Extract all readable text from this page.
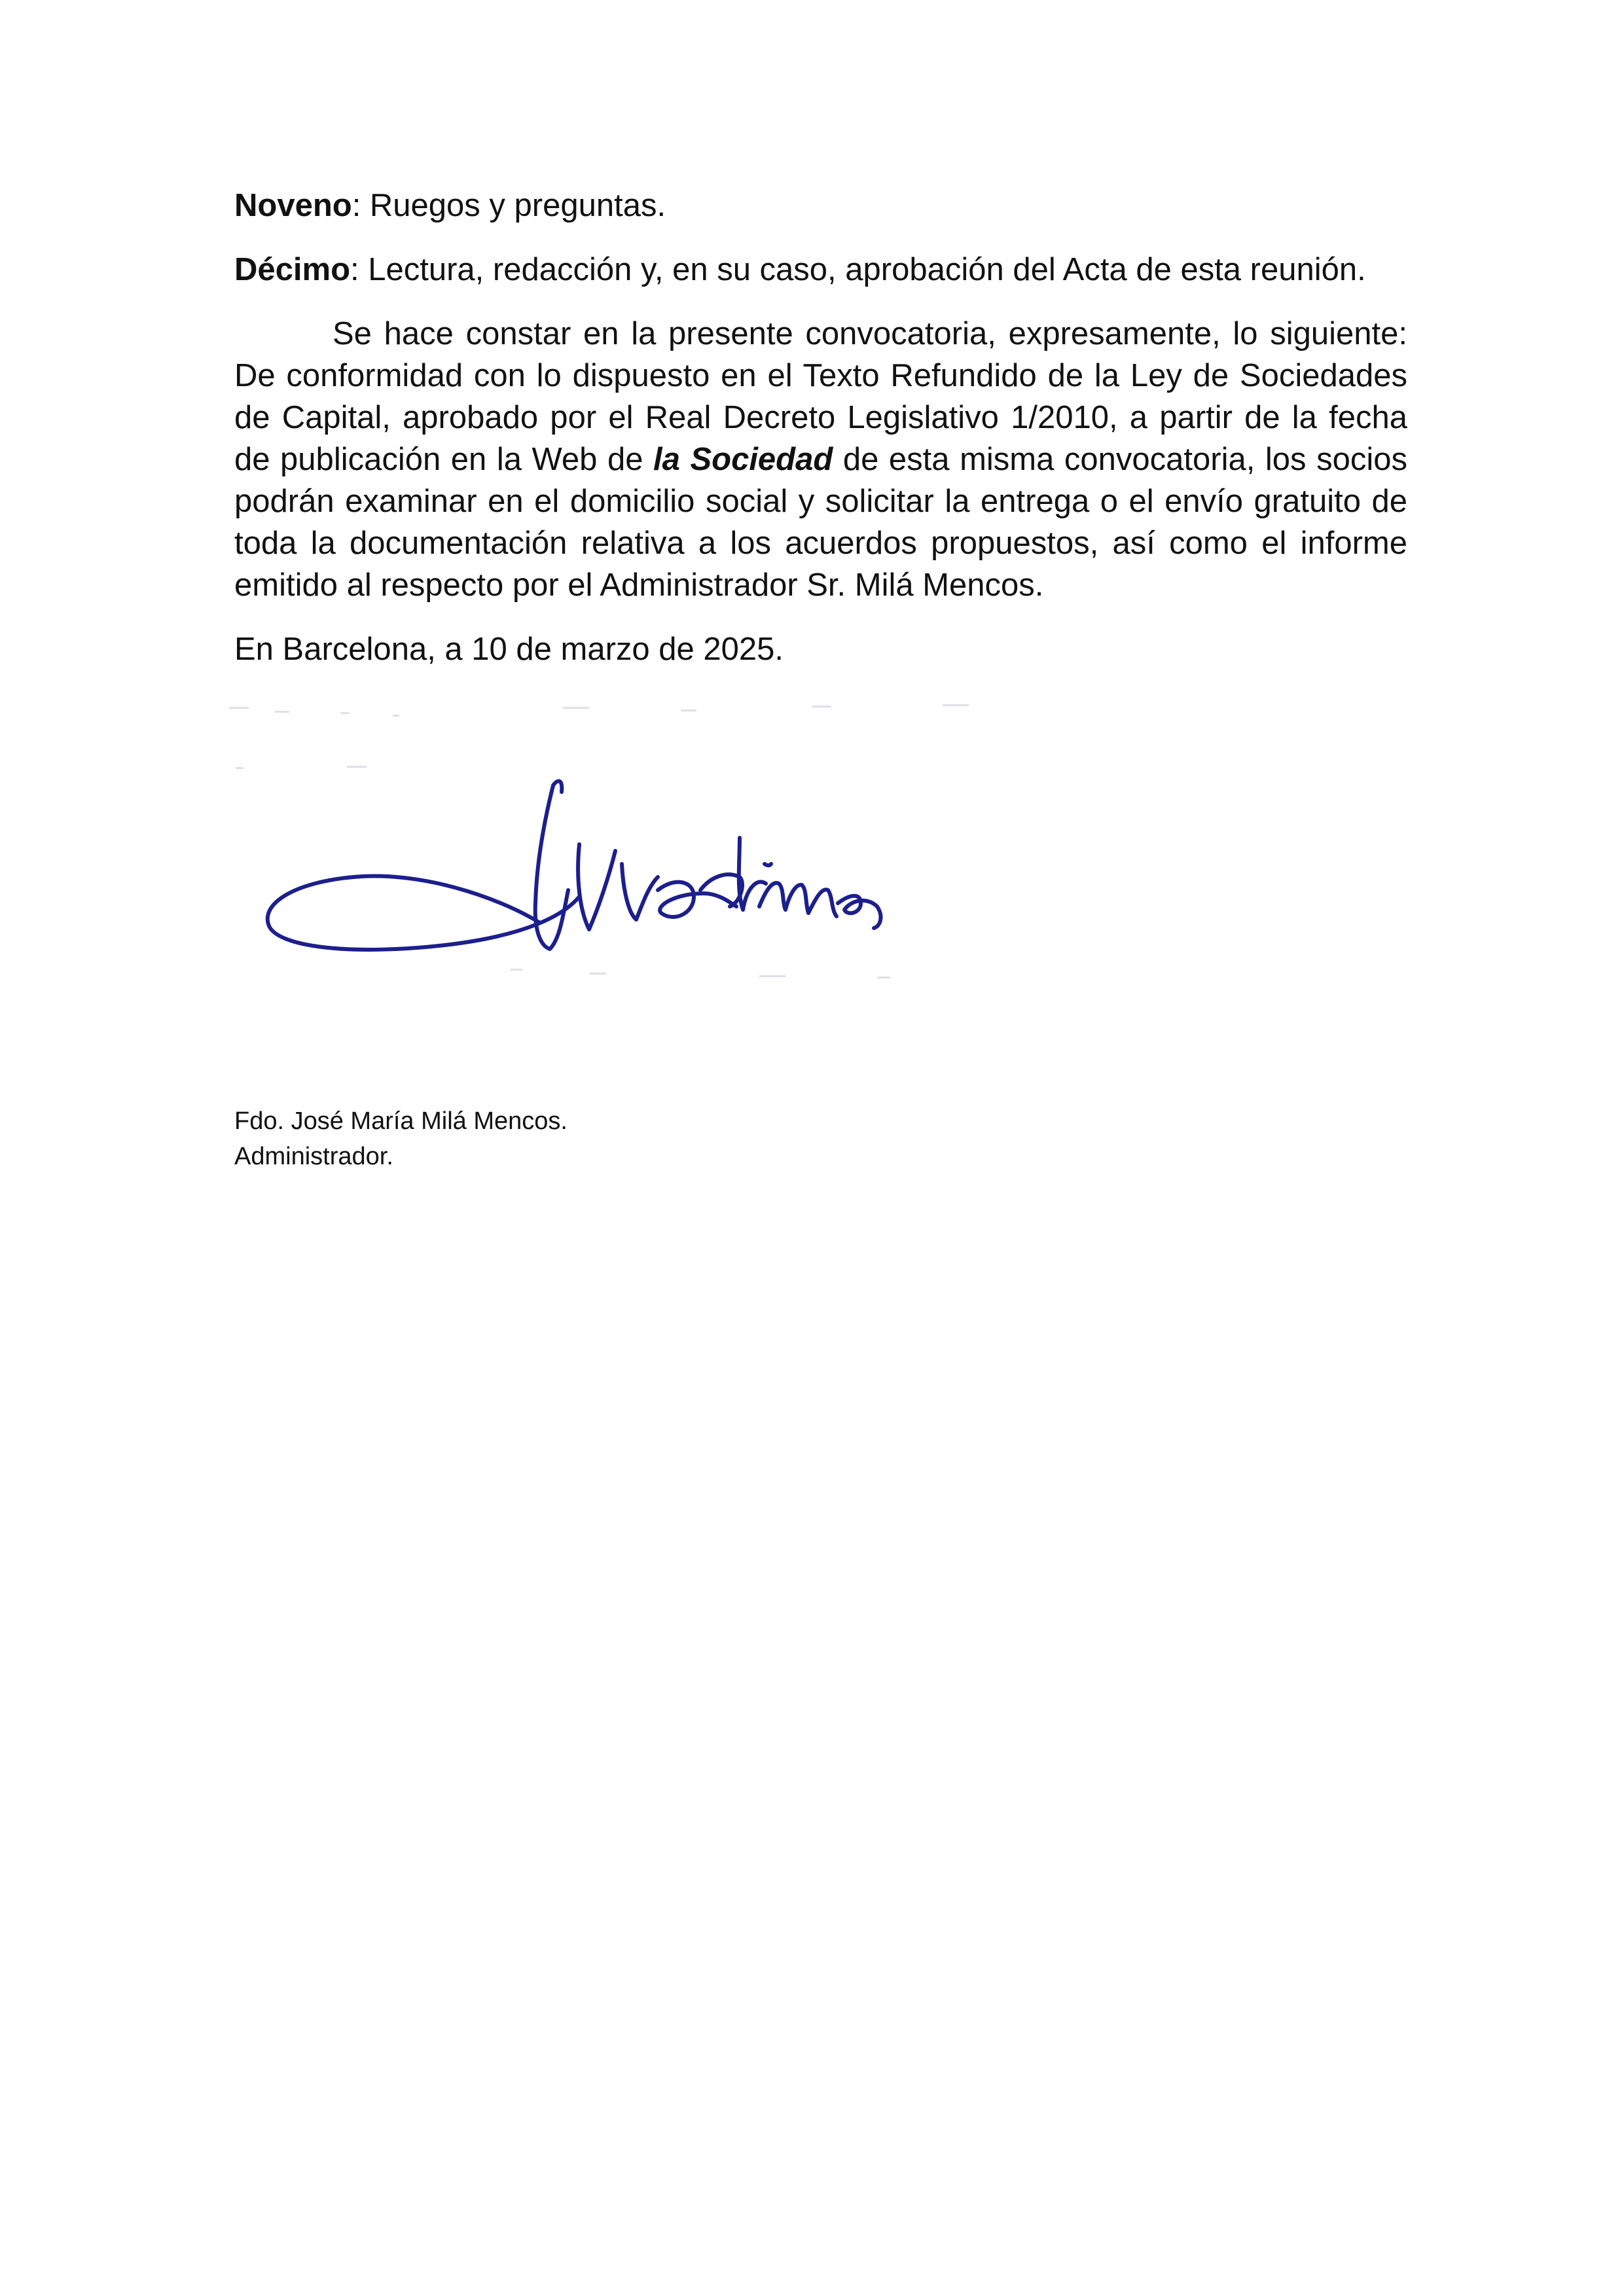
Noveno: Ruegos y preguntas.

Décimo: Lectura, redacción y, en su caso, aprobación del Acta de esta reunión.

Se hace constar en la presente convocatoria, expresamente, lo siguiente: De conformidad con lo dispuesto en el Texto Refundido de la Ley de Sociedades de Capital, aprobado por el Real Decreto Legislativo 1/2010, a partir de la fecha de publicación en la Web de la Sociedad de esta misma convocatoria, los socios podrán examinar en el domicilio social y solicitar la entrega o el envío gratuito de toda la documentación relativa a los acuerdos propuestos, así como el informe emitido al respecto por el Administrador Sr. Milá Mencos.

En Barcelona, a 10 de marzo de 2025.

Fdo. José María Milá Mencos.
Administrador.
